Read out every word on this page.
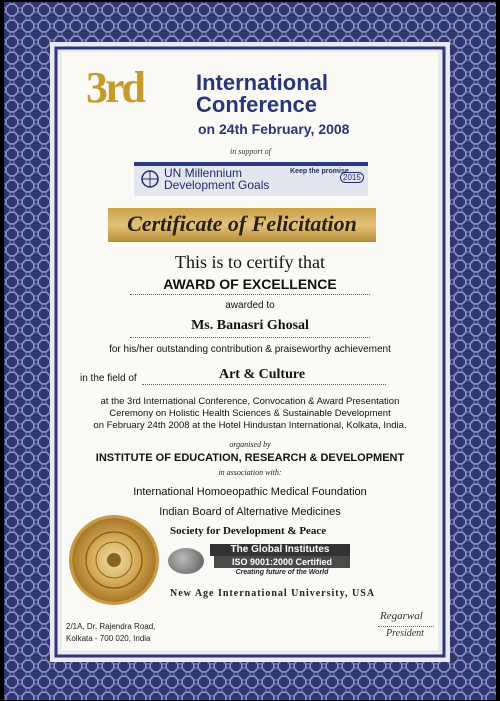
3rd International
Conference
on 24th February, 2008
in support of
UN Millennium
Development Goals
Keep the promise
2015
Certificate of Felicitation
This is to certify that
AWARD OF EXCELLENCE
awarded to
Ms. Banasri Ghosal
for his/her outstanding contribution & praiseworthy achievement
in the field of	Art & Culture
at the 3rd International Conference, Convocation & Award Presentation
Ceremony on Holistic Health Sciences & Sustainable Development
on February 24th 2008 at the Hotel Hindustan International, Kolkata, India.
organised by
INSTITUTE OF EDUCATION, RESEARCH & DEVELOPMENT
in association with:
International Homoeopathic Medical Foundation
Indian Board of Alternative Medicines
Society for Development & Peace
The Global Institutes
ISO 9001:2000 Certified
Creating future of the World
New Age International University, USA
2/1A, Dr. Rajendra Road,
Kolkata - 700 020, India
Regarwal
President
